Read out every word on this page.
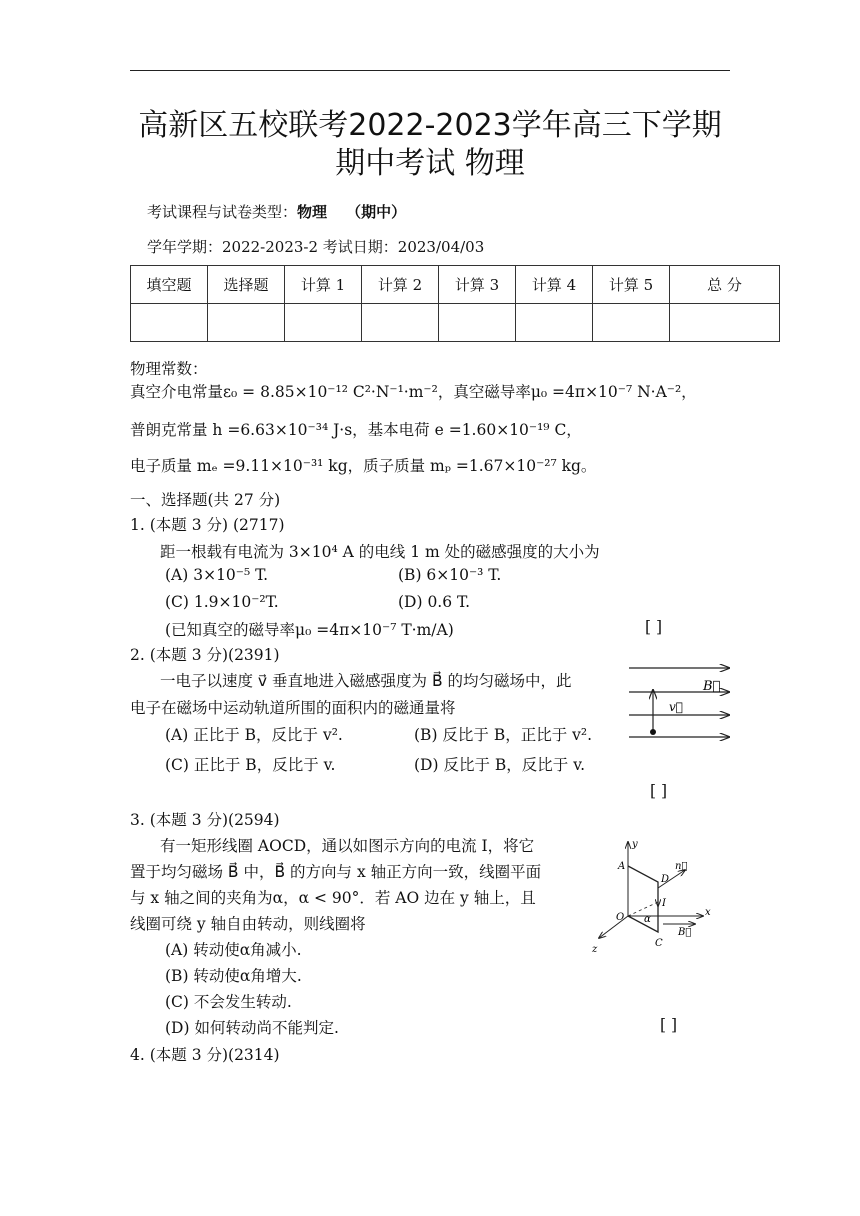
高新区五校联考2022-2023学年高三下学期
期中考试 物理
考试课程与试卷类型：物理 （期中）
学年学期：2022-2023-2 考试日期：2023/04/03
填空题	选择题	计算 1	计算 2	计算 3	计算 4	计算 5	总 分

物理常数：
真空介电常量ε₀ = 8.85×10⁻¹² C²·N⁻¹·m⁻²，真空磁导率μ₀ =4π×10⁻⁷ N·A⁻²，
普朗克常量 h =6.63×10⁻³⁴ J·s，基本电荷 e =1.60×10⁻¹⁹ C，
电子质量 mₑ =9.11×10⁻³¹ kg，质子质量 mₚ =1.67×10⁻²⁷ kg。
一、选择题(共 27 分)
1. (本题 3 分) (2717)
距一根载有电流为 3×10⁴ A 的电线 1 m 处的磁感强度的大小为
(A) 3×10⁻⁵ T.	(B) 6×10⁻³ T.
(C) 1.9×10⁻²T.	(D) 0.6 T.
(已知真空的磁导率μ₀ =4π×10⁻⁷ T·m/A)	[ ]
2. (本题 3 分)(2391)
一电子以速度 v⃗ 垂直地进入磁感强度为 B⃗ 的均匀磁场中，此
电子在磁场中运动轨道所围的面积内的磁通量将
(A) 正比于 B，反比于 v².	(B) 反比于 B，正比于 v².
(C) 正比于 B，反比于 v.	(D) 反比于 B，反比于 v.
[ ]
B⃗
v⃗
3. (本题 3 分)(2594)
有一矩形线圈 AOCD，通以如图示方向的电流 I，将它
置于均匀磁场 B⃗ 中，B⃗ 的方向与 x 轴正方向一致，线圈平面
与 x 轴之间的夹角为α，α < 90°．若 AO 边在 y 轴上，且
线圈可绕 y 轴自由转动，则线圈将
(A) 转动使α角减小.
(B) 转动使α角增大.
(C) 不会发生转动.
(D) 如何转动尚不能判定.	[ ]
y
x
z
A
O
D
C
n⃗
I
α
B⃗
4. (本题 3 分)(2314)
